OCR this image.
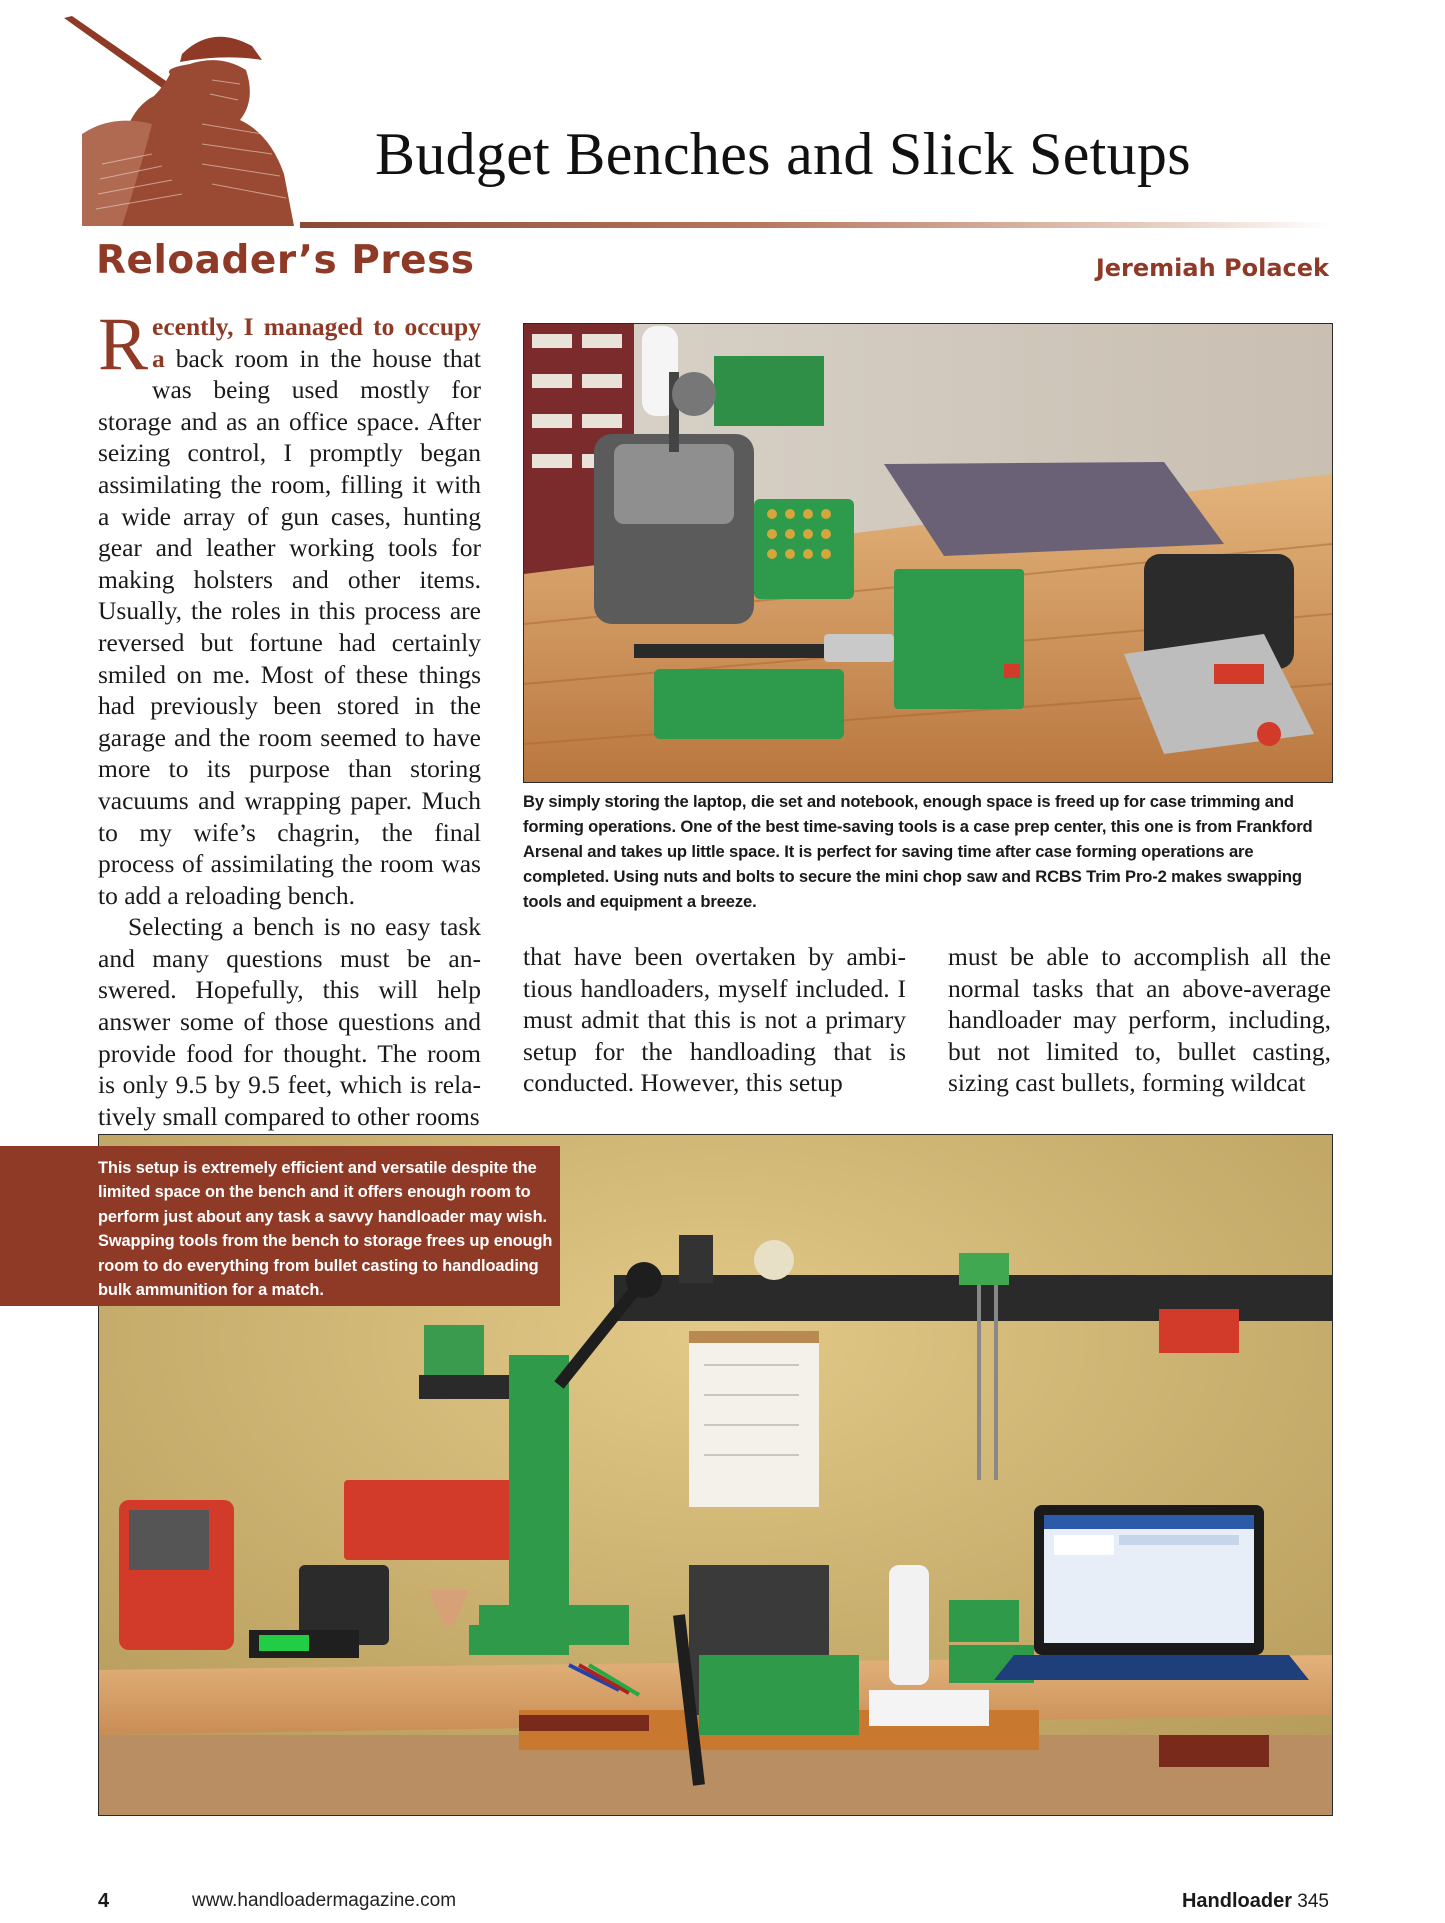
Budget Benches and Slick Setups
Reloader’s Press	Jeremiah Polacek

Recently, I managed to occupy a back room in the house that was being used mostly for storage and as an office space. After seizing control, I promptly began assimilating the room, filling it with a wide array of gun cases, hunting gear and leather working tools for making holsters and other items. Usually, the roles in this process are reversed but fortune had certainly smiled on me. Most of these things had previously been stored in the garage and the room seemed to have more to its purpose than storing vacuums and wrapping paper. Much to my wife’s chagrin, the final process of assimilating the room was to add a reloading bench.

Selecting a bench is no easy task and many questions must be answered. Hopefully, this will help answer some of those questions and provide food for thought. The room is only 9.5 by 9.5 feet, which is relatively small compared to other rooms

By simply storing the laptop, die set and notebook, enough space is freed up for case trimming and forming operations. One of the best time-saving tools is a case prep center, this one is from Frankford Arsenal and takes up little space. It is perfect for saving time after case forming operations are completed. Using nuts and bolts to secure the mini chop saw and RCBS Trim Pro-2 makes swapping tools and equipment a breeze.
that have been overtaken by ambitious handloaders, myself included. I must admit that this is not a primary setup for the handloading that is conducted. However, this setup
must be able to accomplish all the normal tasks that an above-average handloader may perform, including, but not limited to, bullet casting, sizing cast bullets, forming wildcat
This setup is extremely efficient and versatile despite the limited space on the bench and it offers enough room to perform just about any task a savvy handloader may wish. Swapping tools from the bench to storage frees up enough room to do everything from bullet casting to handloading bulk ammunition for a match.
4	www.handloadermagazine.com	Handloader 345
